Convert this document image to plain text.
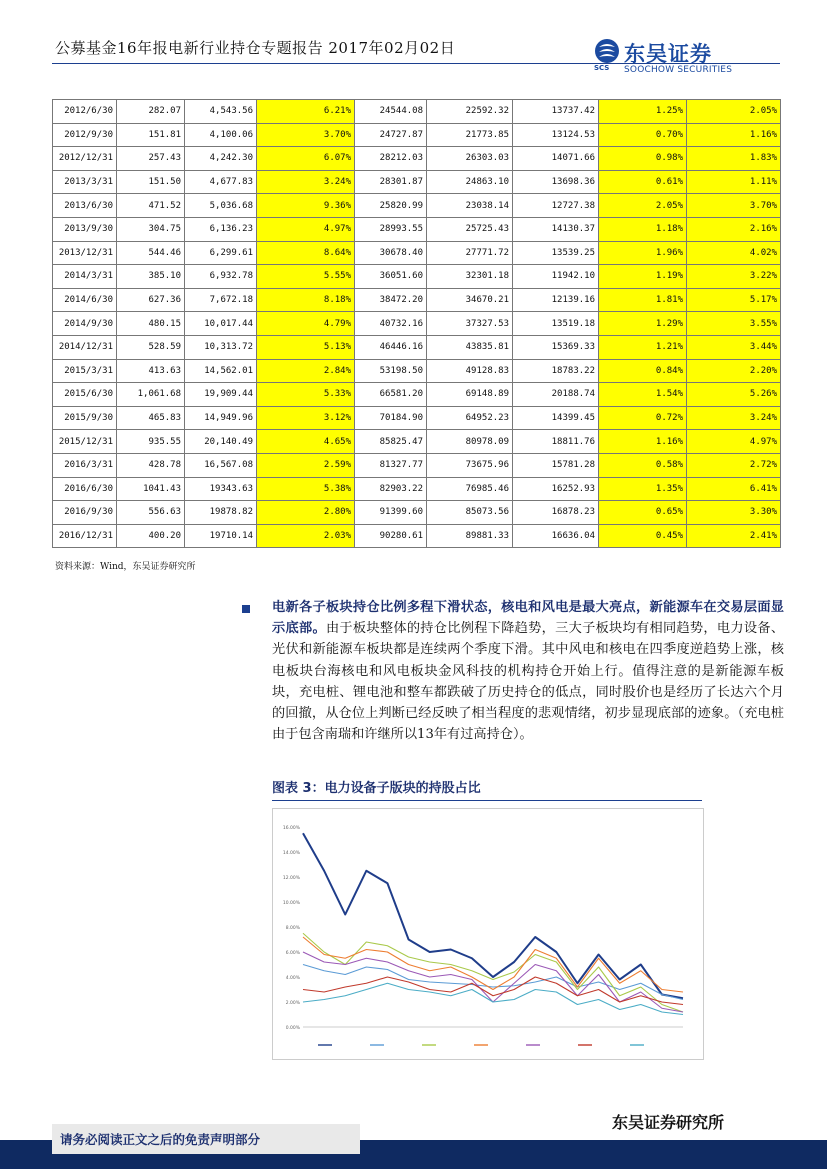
公募基金16年报电新行业持仓专题报告 2017年02月02日	东吴证券
SCS SOOCHOW SECURITIES
2012/6/30	282.07	4,543.56	6.21%	24544.08	22592.32	13737.42	1.25%	2.05%
2012/9/30	151.81	4,100.06	3.70%	24727.87	21773.85	13124.53	0.70%	1.16%
2012/12/31	257.43	4,242.30	6.07%	28212.03	26303.03	14071.66	0.98%	1.83%
2013/3/31	151.50	4,677.83	3.24%	28301.87	24863.10	13698.36	0.61%	1.11%
2013/6/30	471.52	5,036.68	9.36%	25820.99	23038.14	12727.38	2.05%	3.70%
2013/9/30	304.75	6,136.23	4.97%	28993.55	25725.43	14130.37	1.18%	2.16%
2013/12/31	544.46	6,299.61	8.64%	30678.40	27771.72	13539.25	1.96%	4.02%
2014/3/31	385.10	6,932.78	5.55%	36051.60	32301.18	11942.10	1.19%	3.22%
2014/6/30	627.36	7,672.18	8.18%	38472.20	34670.21	12139.16	1.81%	5.17%
2014/9/30	480.15	10,017.44	4.79%	40732.16	37327.53	13519.18	1.29%	3.55%
2014/12/31	528.59	10,313.72	5.13%	46446.16	43835.81	15369.33	1.21%	3.44%
2015/3/31	413.63	14,562.01	2.84%	53198.50	49128.83	18783.22	0.84%	2.20%
2015/6/30	1,061.68	19,909.44	5.33%	66581.20	69148.89	20188.74	1.54%	5.26%
2015/9/30	465.83	14,949.96	3.12%	70184.90	64952.23	14399.45	0.72%	3.24%
2015/12/31	935.55	20,140.49	4.65%	85825.47	80978.09	18811.76	1.16%	4.97%
2016/3/31	428.78	16,567.08	2.59%	81327.77	73675.96	15781.28	0.58%	2.72%
2016/6/30	1041.43	19343.63	5.38%	82903.22	76985.46	16252.93	1.35%	6.41%
2016/9/30	556.63	19878.82	2.80%	91399.60	85073.56	16878.23	0.65%	3.30%
2016/12/31	400.20	19710.14	2.03%	90280.61	89881.33	16636.04	0.45%	2.41%
资料来源：Wind，东吴证券研究所
电新各子板块持仓比例多程下滑状态，核电和风电是最大亮点，新能源车在交易层面显示底部。由于板块整体的持仓比例程下降趋势，三大子板块均有相同趋势，电力设备、光伏和新能源车板块都是连续两个季度下滑。其中风电和核电在四季度逆趋势上涨，核电板块台海核电和风电板块金风科技的机构持仓开始上行。值得注意的是新能源车板块，充电桩、锂电池和整车都跌破了历史持仓的低点，同时股价也是经历了长达六个月的回撤，从仓位上判断已经反映了相当程度的悲观情绪，初步显现底部的迹象。（充电桩由于包含南瑞和许继所以13年有过高持仓）。
图表 3：电力设备子版块的持股占比
16.00%
14.00%
12.00%
10.00%
8.00%
6.00%
4.00%
2.00%
0.00%
东吴证券研究所
请务必阅读正文之后的免责声明部分
